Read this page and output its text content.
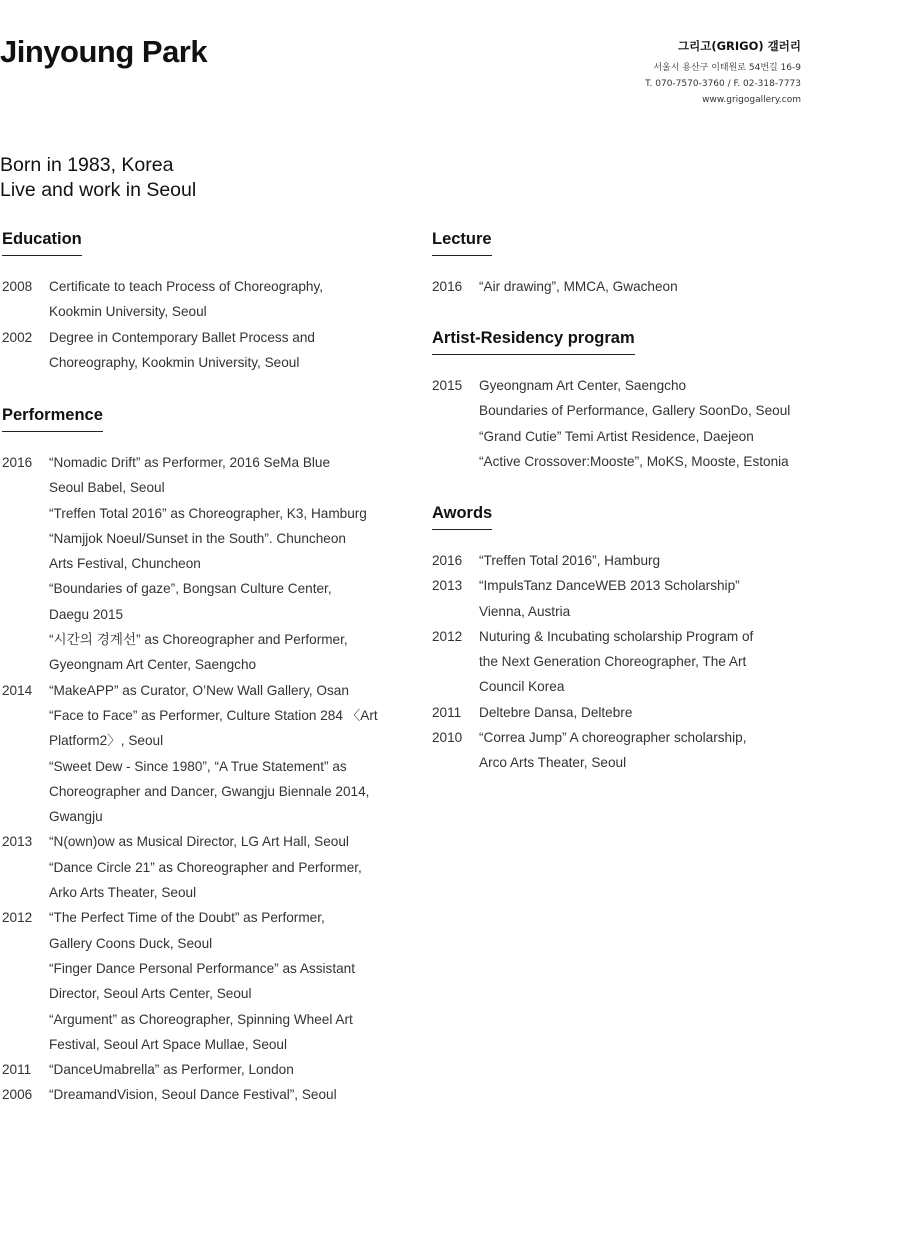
Jinyoung Park	그리고(GRIGO) 갤러리
서울시 용산구 이태원로 54번길 16-9
T. 070-7570-3760 / F. 02-318-7773
www.grigogallery.com
Born in 1983, Korea
Live and work in Seoul
Education
2008	Certificate to teach Process of Choreography,
Kookmin University, Seoul
2002	Degree in Contemporary Ballet Process and
Choreography, Kookmin University, Seoul
Performence
2016	“Nomadic Drift” as Performer, 2016 SeMa Blue
Seoul Babel, Seoul
“Treffen Total 2016” as Choreographer, K3, Hamburg
“Namjjok Noeul/Sunset in the South”. Chuncheon
Arts Festival, Chuncheon
“Boundaries of gaze”, Bongsan Culture Center,
Daegu 2015
“시간의 경계선” as Choreographer and Performer,
Gyeongnam Art Center, Saengcho
2014	“MakeAPP” as Curator, O’New Wall Gallery, Osan
“Face to Face” as Performer, Culture Station 284 〈Art
Platform2〉, Seoul
“Sweet Dew - Since 1980”, “A True Statement” as
Choreographer and Dancer, Gwangju Biennale 2014,
Gwangju
2013	“N(own)ow as Musical Director, LG Art Hall, Seoul
“Dance Circle 21” as Choreographer and Performer,
Arko Arts Theater, Seoul
2012	“The Perfect Time of the Doubt” as Performer,
Gallery Coons Duck, Seoul
“Finger Dance Personal Performance” as Assistant
Director, Seoul Arts Center, Seoul
“Argument” as Choreographer, Spinning Wheel Art
Festival, Seoul Art Space Mullae, Seoul
2011	“DanceUmabrella” as Performer, London
2006	“DreamandVision, Seoul Dance Festival”, Seoul
Lecture
2016	“Air drawing”, MMCA, Gwacheon
Artist-Residency program
2015	Gyeongnam Art Center, Saengcho
Boundaries of Performance, Gallery SoonDo, Seoul
“Grand Cutie” Temi Artist Residence, Daejeon
“Active Crossover:Mooste”, MoKS, Mooste, Estonia
Awords
2016	“Treffen Total 2016”, Hamburg
2013	“ImpulsTanz DanceWEB 2013 Scholarship”
Vienna, Austria
2012	Nuturing & Incubating scholarship Program of
the Next Generation Choreographer, The Art
Council Korea
2011	Deltebre Dansa, Deltebre
2010	“Correa Jump” A choreographer scholarship,
Arco Arts Theater, Seoul
